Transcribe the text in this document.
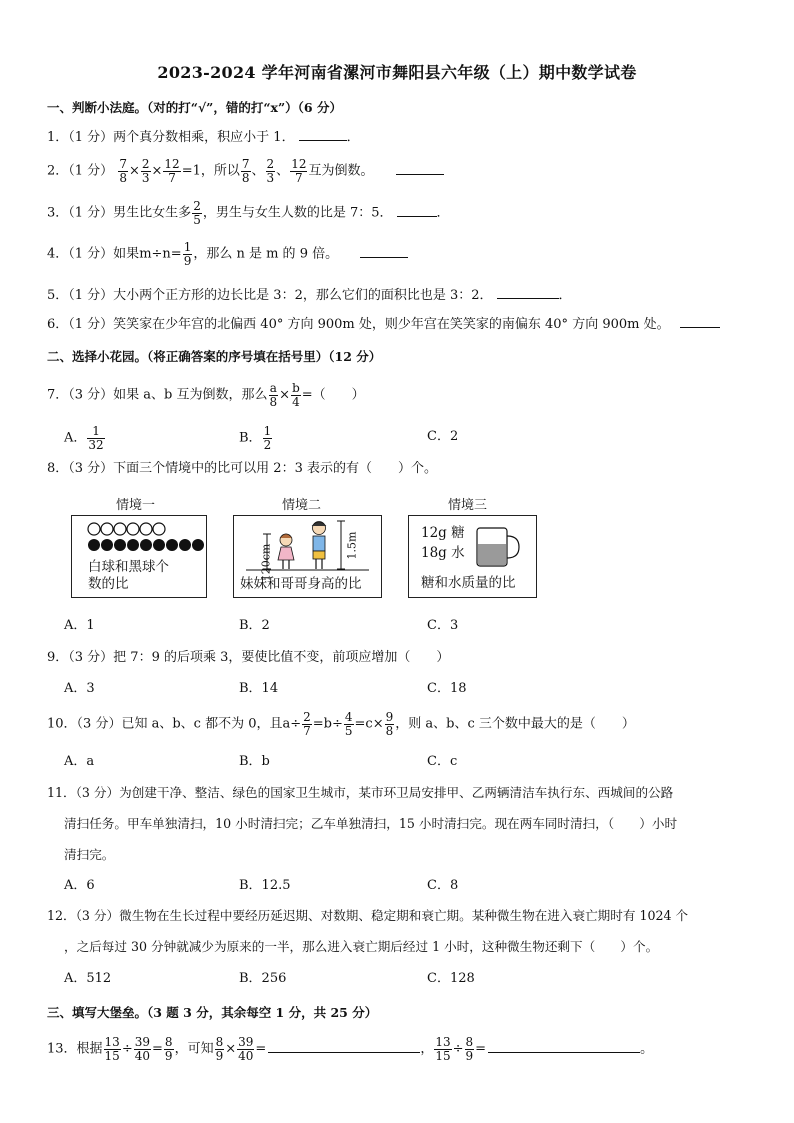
2023-2024 学年河南省漯河市舞阳县六年级（上）期中数学试卷
一、判断小法庭。（对的打“√”，错的打“x”）（6 分）
1．（1 分）两个真分数相乘，积应小于 1．	．
2．（1 分） $\frac{7}{8} \times \frac{2}{3} \times \frac{12}{7} =1$，所以 $\frac{7}{8}$ 、 $\frac{2}{3}$ 、 $\frac{12}{7}$ 互为倒数。
3．（1 分）男生比女生多 $\frac{2}{5}$ ，男生与女生人数的比是 7：5．	．
4．（1 分）如果$m\div n= \frac{1}{9}$ ，那么 n 是 m 的 9 倍。
5．（1 分）大小两个正方形的边长比是 3：2，那么它们的面积比也是 3：2．	．
6．（1 分）笑笑家在少年宫的北偏西 40° 方向 900m 处，则少年宫在笑笑家的南偏东 40° 方向 900m 处。
二、选择小花园。（将正确答案的序号填在括号里）（12 分）
7．（3 分）如果 a、b 互为倒数，那么 $\frac{a}{8} \times \frac{b}{4}$ =（　　）
A． $\frac{1}{32}$	B． $\frac{1}{2}$	C．2
8．（3 分）下面三个情境中的比可以用 2：3 表示的有（　　）个。
情境一	情境二	情境三
白球和黑球个
数的比
120cm	1.5m
妹妹和哥哥身高的比
12g 糖
18g 水
糖和水质量的比
A．1	B．2	C．3
9．（3 分）把 7：9 的后项乘 3，要使比值不变，前项应增加（　　）
A．3	B．14	C．18
10．（3 分）已知 a、b、c 都不为 0，且$a\div \frac{2}{7} =b\div \frac{4}{5} =c\times \frac{9}{8}$ ，则 a、b、c 三个数中最大的是（　　）
A．a	B．b	C．c
11．（3 分）为创建干净、整洁、绿色的国家卫生城市，某市环卫局安排甲、乙两辆清洁车执行东、西城间的公路
清扫任务。甲车单独清扫，10 小时清扫完；乙车单独清扫，15 小时清扫完。现在两车同时清扫，（　　）小时
清扫完。
A．6	B．12.5	C．8
12．（3 分）微生物在生长过程中要经历延迟期、对数期、稳定期和衰亡期。某种微生物在进入衰亡期时有 1024 个
，之后每过 30 分钟就减少为原来的一半，那么进入衰亡期后经过 1 小时，这种微生物还剩下（　　）个。
A．512	B．256	C．128
三、填写大堡垒。（3 题 3 分，其余每空 1 分，共 25 分）
13．根据 $\frac{13}{15} \div \frac{39}{40} = \frac{8}{9}$ ，可知 $\frac{8}{9} \times \frac{39}{40}$ =	， $\frac{13}{15} \div \frac{8}{9}$ =	。
